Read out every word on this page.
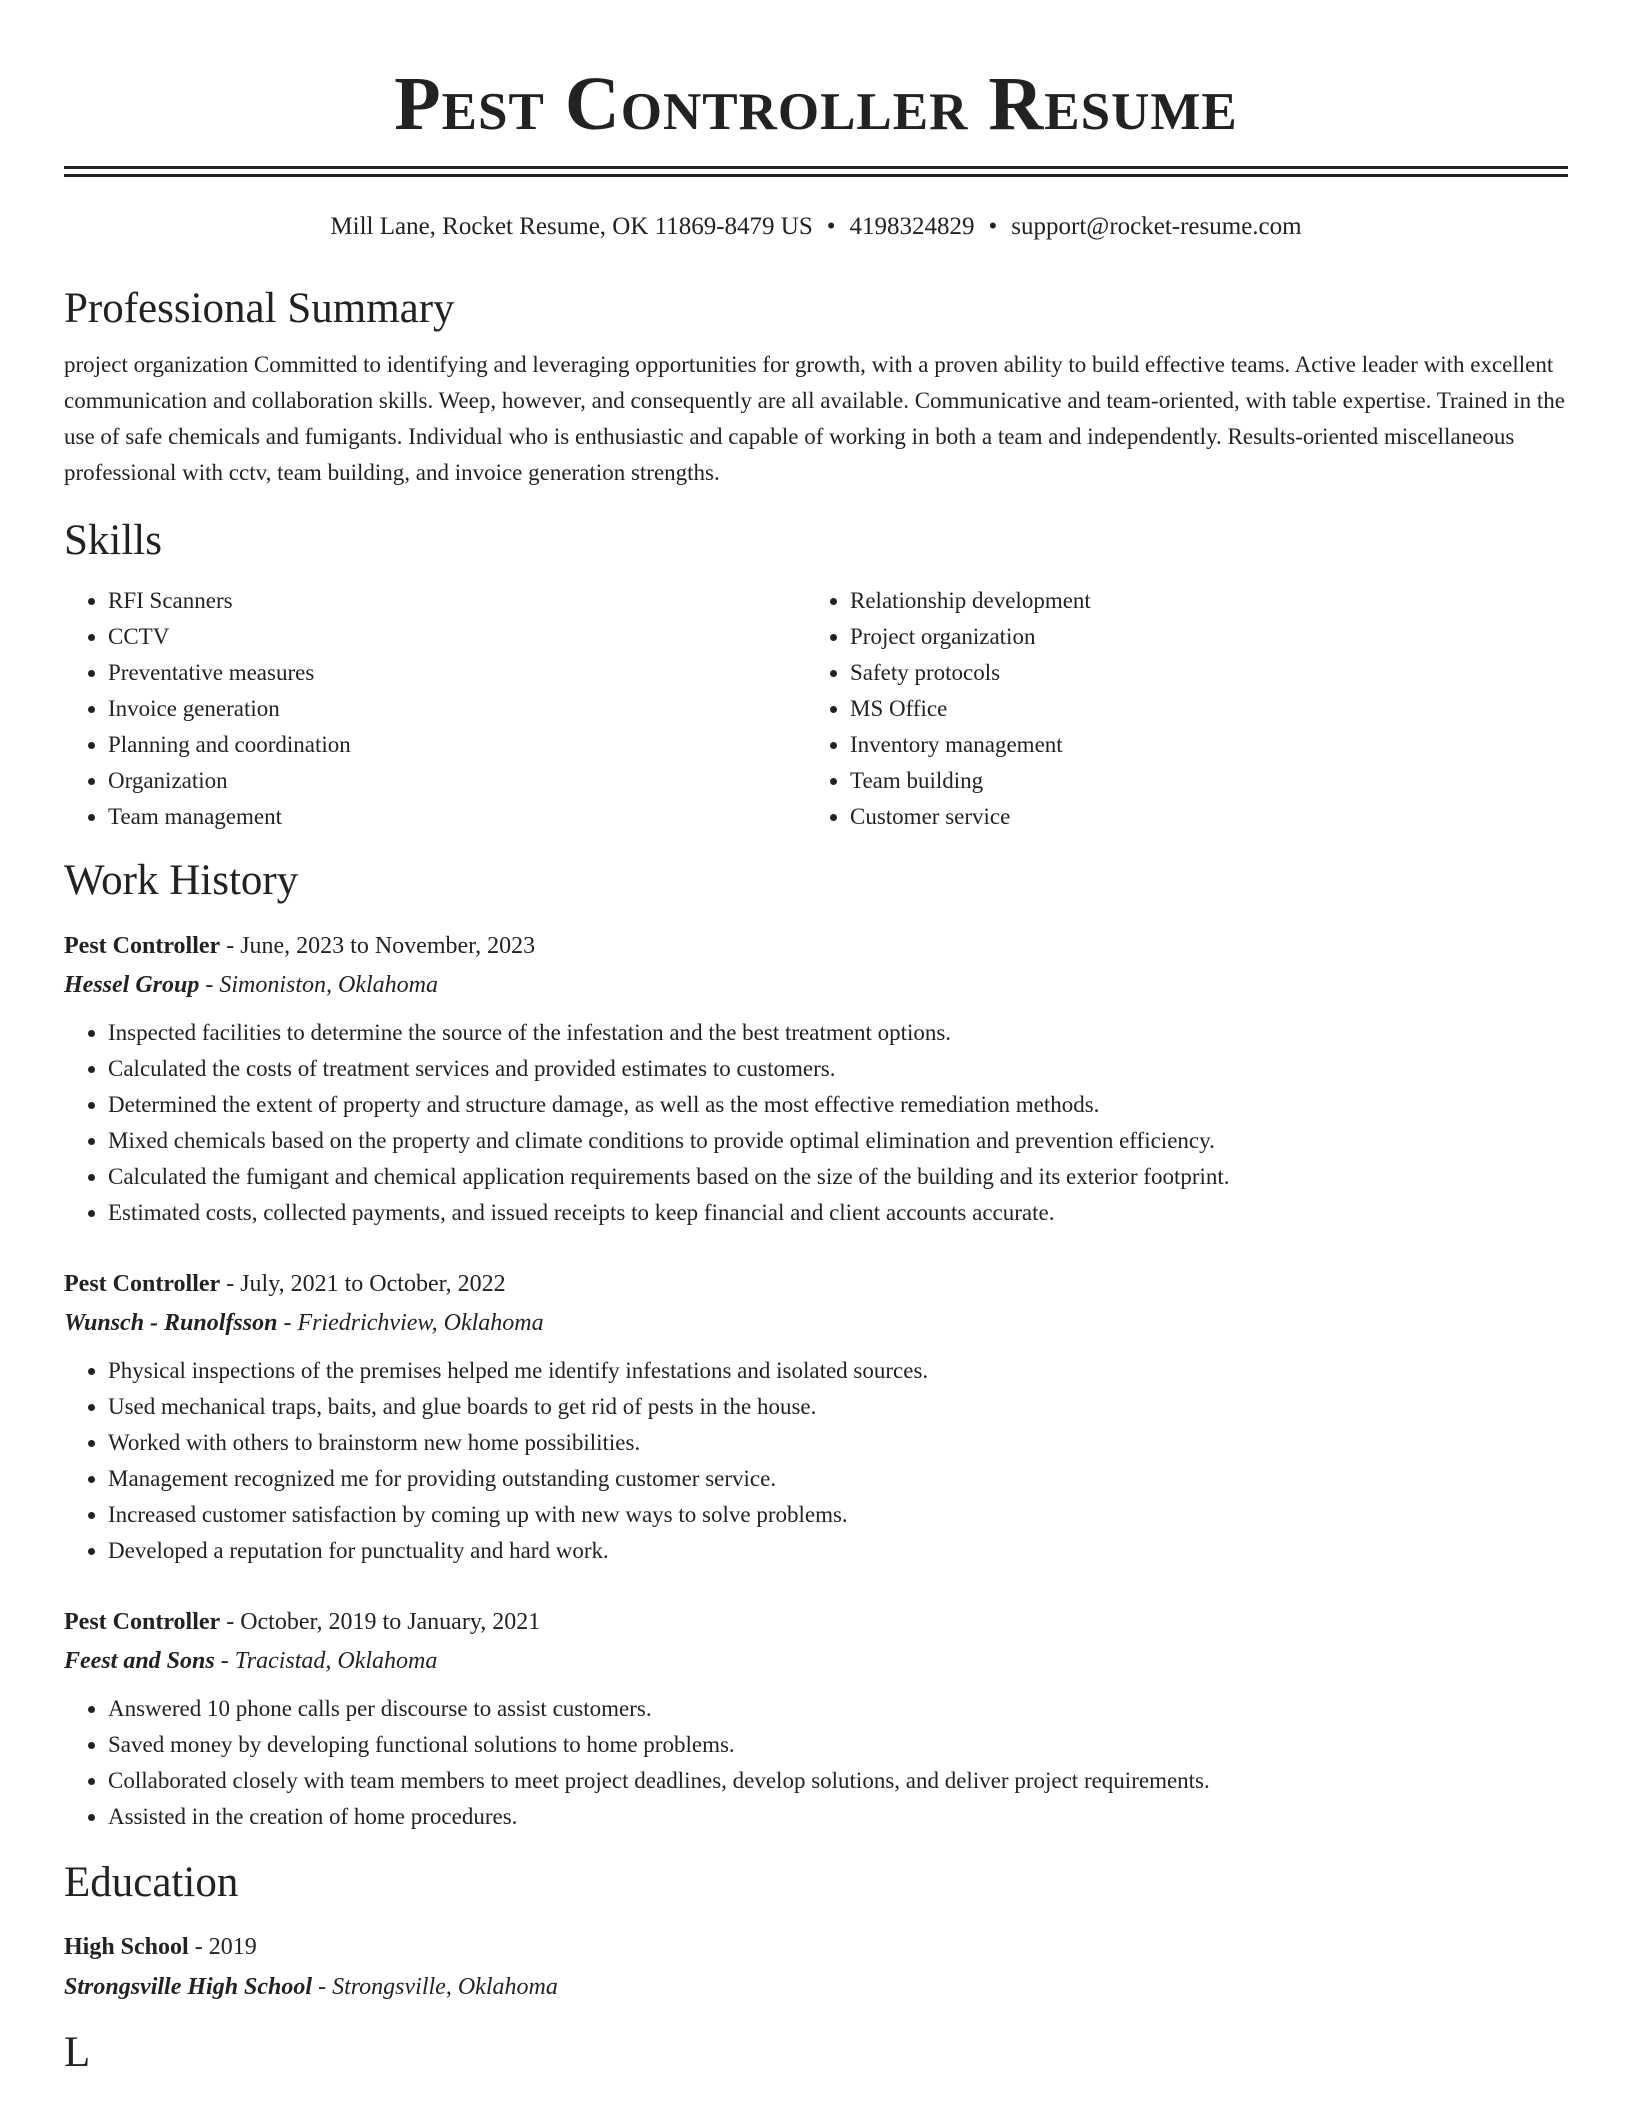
Pest Controller Resume
Mill Lane, Rocket Resume, OK 11869-8479 US • 4198324829 • support@rocket-resume.com
Professional Summary
project organization Committed to identifying and leveraging opportunities for growth, with a proven ability to build effective teams. Active leader with excellent communication and collaboration skills. Weep, however, and consequently are all available. Communicative and team-oriented, with table expertise. Trained in the use of safe chemicals and fumigants. Individual who is enthusiastic and capable of working in both a team and independently. Results-oriented miscellaneous professional with cctv, team building, and invoice generation strengths.
Skills
• RFI Scanners
• CCTV
• Preventative measures
• Invoice generation
• Planning and coordination
• Organization
• Team management
• Relationship development
• Project organization
• Safety protocols
• MS Office
• Inventory management
• Team building
• Customer service
Work History
Pest Controller - June, 2023 to November, 2023
Hessel Group - Simoniston, Oklahoma
• Inspected facilities to determine the source of the infestation and the best treatment options.
• Calculated the costs of treatment services and provided estimates to customers.
• Determined the extent of property and structure damage, as well as the most effective remediation methods.
• Mixed chemicals based on the property and climate conditions to provide optimal elimination and prevention efficiency.
• Calculated the fumigant and chemical application requirements based on the size of the building and its exterior footprint.
• Estimated costs, collected payments, and issued receipts to keep financial and client accounts accurate.
Pest Controller - July, 2021 to October, 2022
Wunsch - Runolfsson - Friedrichview, Oklahoma
• Physical inspections of the premises helped me identify infestations and isolated sources.
• Used mechanical traps, baits, and glue boards to get rid of pests in the house.
• Worked with others to brainstorm new home possibilities.
• Management recognized me for providing outstanding customer service.
• Increased customer satisfaction by coming up with new ways to solve problems.
• Developed a reputation for punctuality and hard work.
Pest Controller - October, 2019 to January, 2021
Feest and Sons - Tracistad, Oklahoma
• Answered 10 phone calls per discourse to assist customers.
• Saved money by developing functional solutions to home problems.
• Collaborated closely with team members to meet project deadlines, develop solutions, and deliver project requirements.
• Assisted in the creation of home procedures.
Education
High School - 2019
Strongsville High School - Strongsville, Oklahoma
L
